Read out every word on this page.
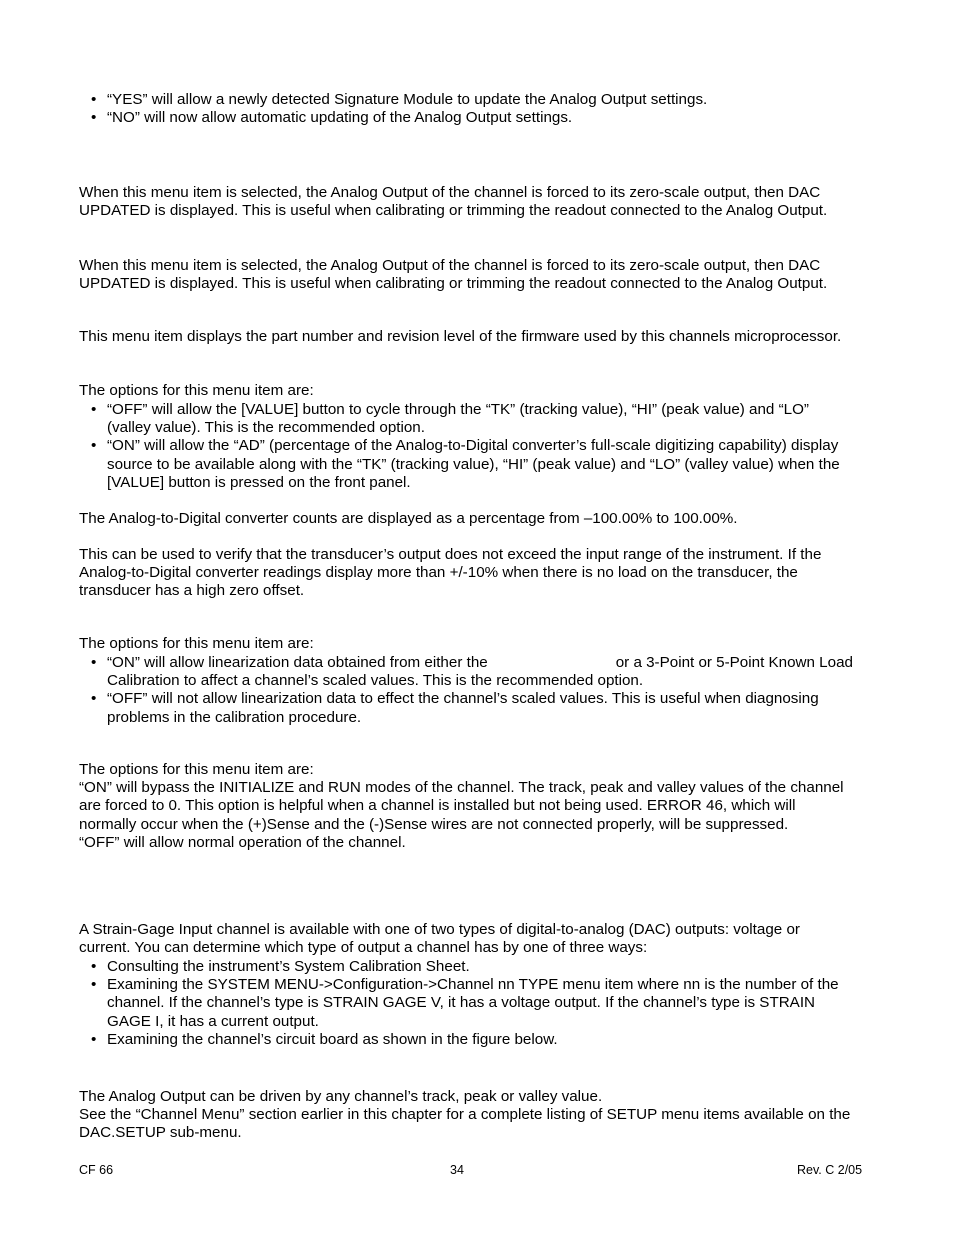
• “YES” will allow a newly detected Signature Module to update the Analog Output settings.
• “NO” will now allow automatic updating of the Analog Output settings.

When this menu item is selected, the Analog Output of the channel is forced to its zero-scale output, then DAC
UPDATED is displayed. This is useful when calibrating or trimming the readout connected to the Analog Output.

When this menu item is selected, the Analog Output of the channel is forced to its zero-scale output, then DAC
UPDATED is displayed. This is useful when calibrating or trimming the readout connected to the Analog Output.

This menu item displays the part number and revision level of the firmware used by this channels microprocessor.

The options for this menu item are:

• “OFF” will allow the [VALUE] button to cycle through the “TK” (tracking value), “HI” (peak value) and “LO”
(valley value). This is the recommended option.
• “ON” will allow the “AD” (percentage of the Analog-to-Digital converter’s full-scale digitizing capability) display
source to be available along with the “TK” (tracking value), “HI” (peak value) and “LO” (valley value) when the
[VALUE] button is pressed on the front panel.

The Analog-to-Digital converter counts are displayed as a percentage from –100.00% to 100.00%.

This can be used to verify that the transducer’s output does not exceed the input range of the instrument. If the
Analog-to-Digital converter readings display more than +/-10% when there is no load on the transducer, the
transducer has a high zero offset.

The options for this menu item are:

• “ON” will allow linearization data obtained from either the	or a 3-Point or 5-Point Known Load
Calibration to affect a channel’s scaled values. This is the recommended option.
• “OFF” will not allow linearization data to effect the channel’s scaled values. This is useful when diagnosing
problems in the calibration procedure.

The options for this menu item are:
“ON” will bypass the INITIALIZE and RUN modes of the channel. The track, peak and valley values of the channel
are forced to 0. This option is helpful when a channel is installed but not being used. ERROR 46, which will
normally occur when the (+)Sense and the (-)Sense wires are not connected properly, will be suppressed.
“OFF” will allow normal operation of the channel.

A Strain-Gage Input channel is available with one of two types of digital-to-analog (DAC) outputs: voltage or
current. You can determine which type of output a channel has by one of three ways:

• Consulting the instrument’s System Calibration Sheet.
• Examining the SYSTEM MENU->Configuration->Channel nn TYPE menu item where nn is the number of the
channel. If the channel’s type is STRAIN GAGE V, it has a voltage output. If the channel’s type is STRAIN
GAGE I, it has a current output.
• Examining the channel’s circuit board as shown in the figure below.

The Analog Output can be driven by any channel’s track, peak or valley value.
See the “Channel Menu” section earlier in this chapter for a complete listing of SETUP menu items available on the
DAC.SETUP sub-menu.

CF 66	34	Rev. C 2/05
